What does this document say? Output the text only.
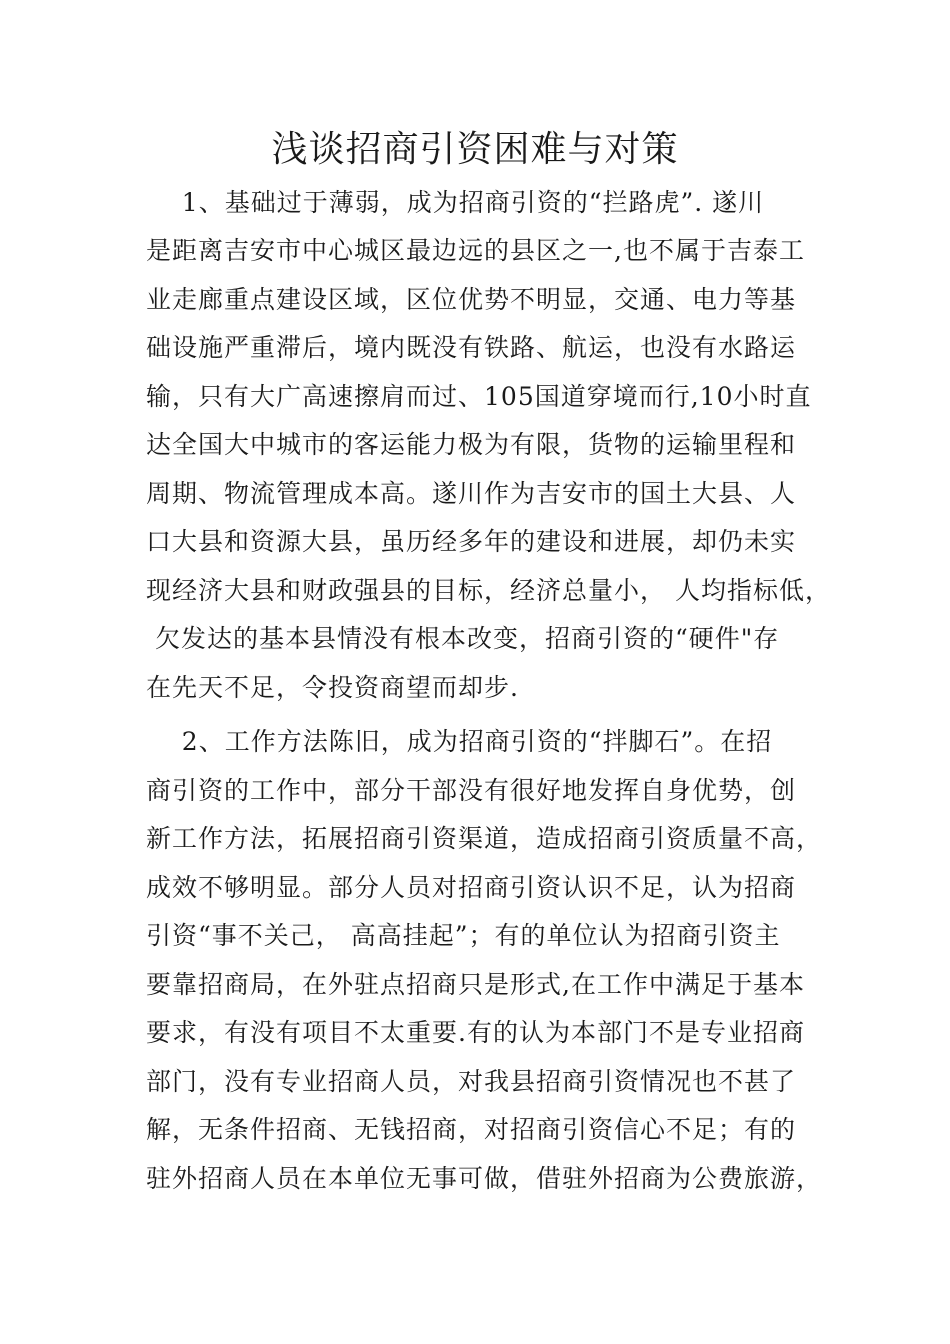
浅谈招商引资困难与对策

1、基础过于薄弱，成为招商引资的“拦路虎”. 遂川

是距离吉安市中心城区最边远的县区之一,也不属于吉泰工

业走廊重点建设区域，区位优势不明显，交通、电力等基

础设施严重滞后，境内既没有铁路、航运，也没有水路运

输，只有大广高速擦肩而过、105国道穿境而行,10小时直

达全国大中城市的客运能力极为有限，货物的运输里程和

周期、物流管理成本高。遂川作为吉安市的国土大县、人

口大县和资源大县，虽历经多年的建设和进展，却仍未实

现经济大县和财政强县的目标，经济总量小， 人均指标低，

欠发达的基本县情没有根本改变，招商引资的“硬件"存

在先天不足，令投资商望而却步.

2、工作方法陈旧，成为招商引资的“拌脚石”。在招

商引资的工作中，部分干部没有很好地发挥自身优势，创

新工作方法，拓展招商引资渠道，造成招商引资质量不高，

成效不够明显。部分人员对招商引资认识不足，认为招商

引资“事不关己， 高高挂起”；有的单位认为招商引资主

要靠招商局，在外驻点招商只是形式,在工作中满足于基本

要求，有没有项目不太重要.有的认为本部门不是专业招商

部门，没有专业招商人员，对我县招商引资情况也不甚了

解，无条件招商、无钱招商，对招商引资信心不足；有的

驻外招商人员在本单位无事可做，借驻外招商为公费旅游，
